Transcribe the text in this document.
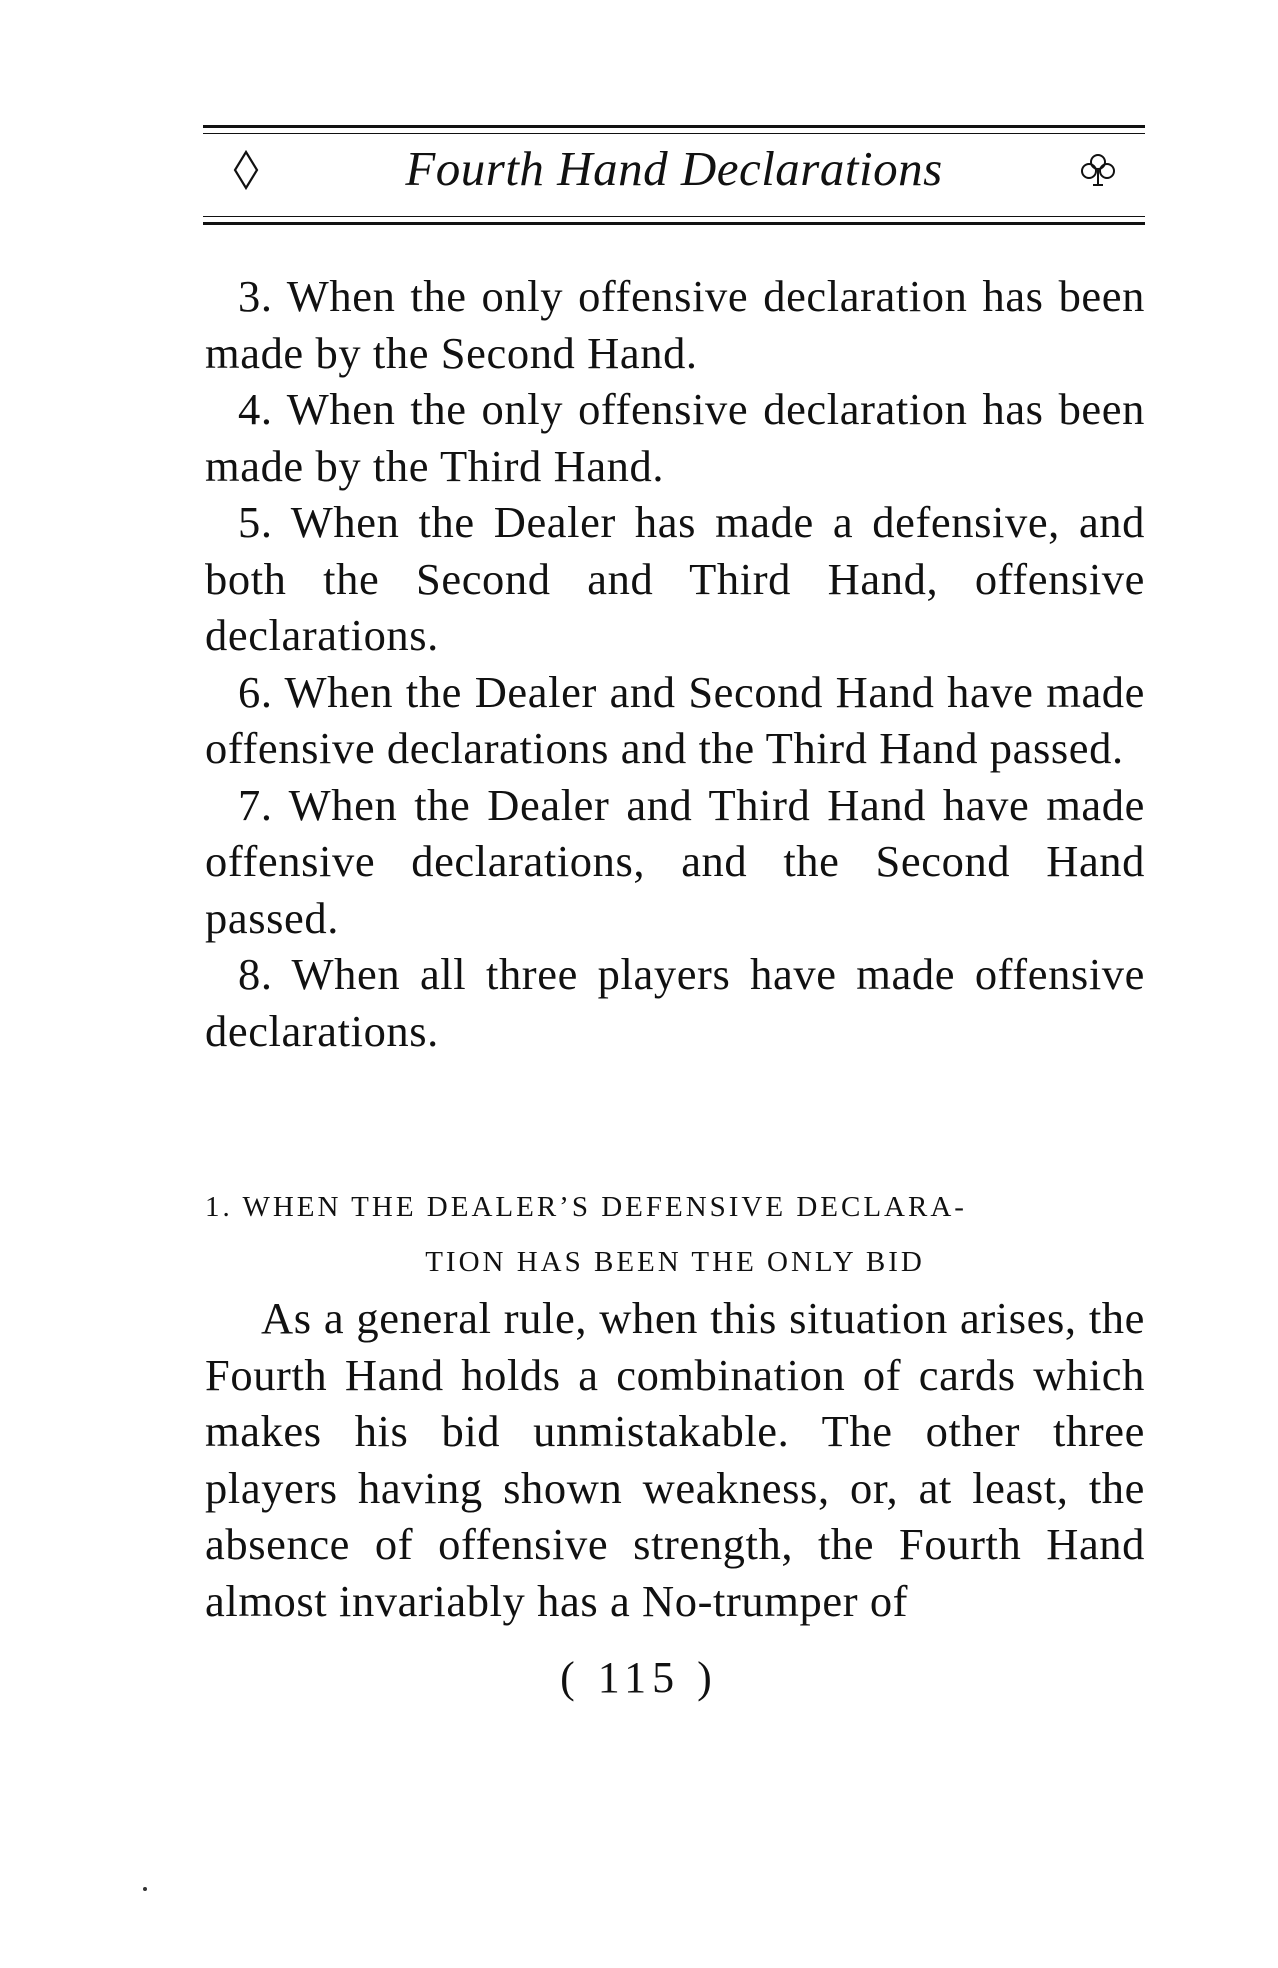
Fourth Hand Declarations

3. When the only offensive declaration has been made by the Second Hand.

4. When the only offensive declaration has been made by the Third Hand.

5. When the Dealer has made a defensive, and both the Second and Third Hand, offensive declarations.

6. When the Dealer and Second Hand have made offensive declarations and the Third Hand passed.

7. When the Dealer and Third Hand have made offensive declarations, and the Second Hand passed.

8. When all three players have made offensive declarations.

1. WHEN THE DEALER’S DEFENSIVE DECLARA-
TION HAS BEEN THE ONLY BID

As a general rule, when this situation arises, the Fourth Hand holds a combination of cards which makes his bid unmistakable. The other three players having shown weakness, or, at least, the absence of offensive strength, the Fourth Hand almost invariably has a No-trumper of

( 115 )
